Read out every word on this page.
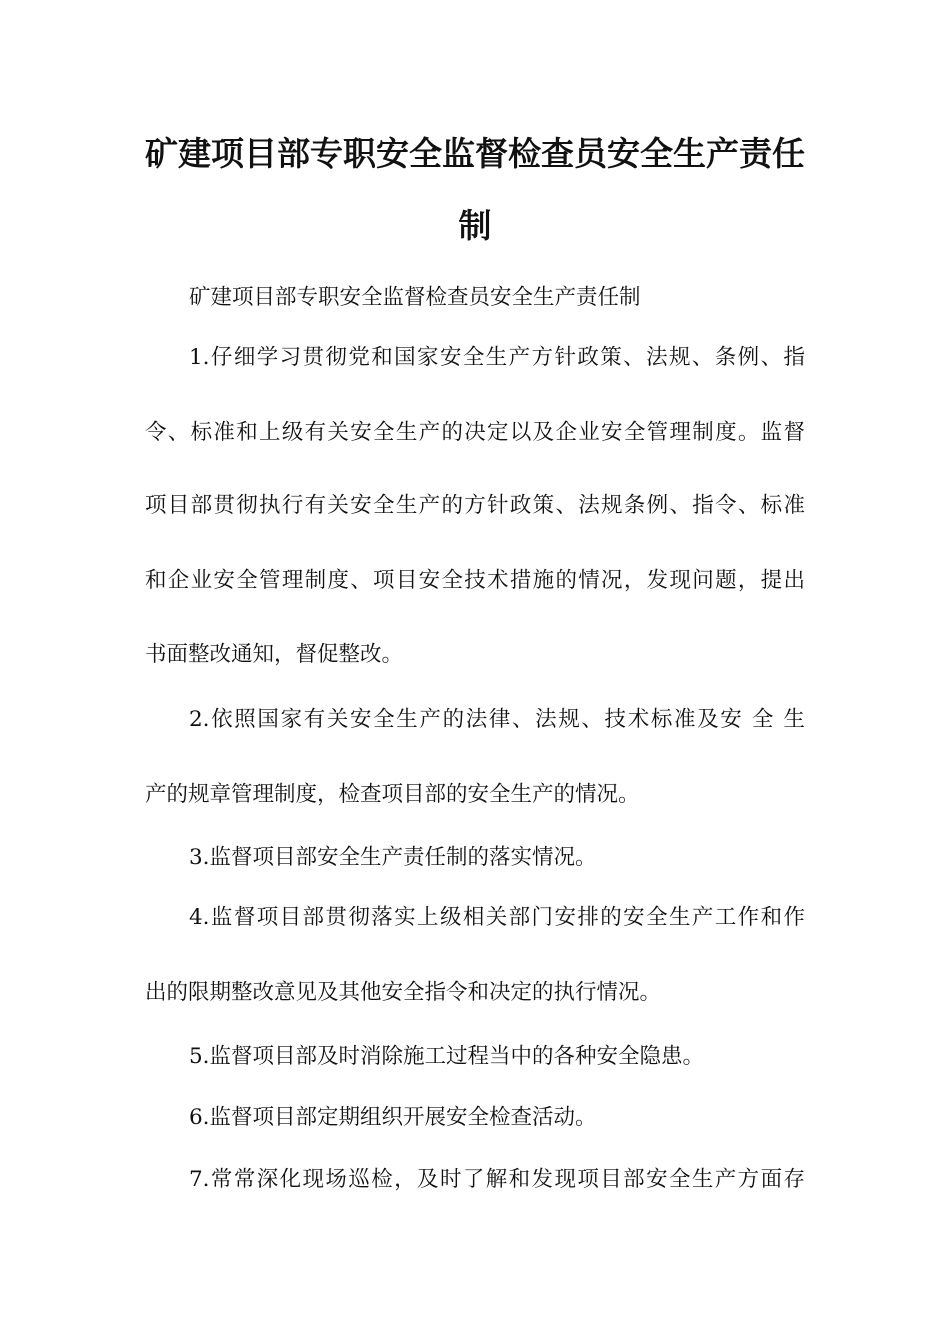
矿建项目部专职安全监督检查员安全生产责任
制
矿建项目部专职安全监督检查员安全生产责任制
1.仔细学习贯彻党和国家安全生产方针政策、法规、条例、指
令、标准和上级有关安全生产的决定以及企业安全管理制度。监督
项目部贯彻执行有关安全生产的方针政策、法规条例、指令、标准
和企业安全管理制度、项目安全技术措施的情况，发现问题，提出
书面整改通知，督促整改。
2.依照国家有关安全生产的法律、法规、技术标准及安 全 生
产的规章管理制度，检查项目部的安全生产的情况。
3.监督项目部安全生产责任制的落实情况。
4.监督项目部贯彻落实上级相关部门安排的安全生产工作和作
出的限期整改意见及其他安全指令和决定的执行情况。
5.监督项目部及时消除施工过程当中的各种安全隐患。
6.监督项目部定期组织开展安全检查活动。
7.常常深化现场巡检，及时了解和发现项目部安全生产方面存
